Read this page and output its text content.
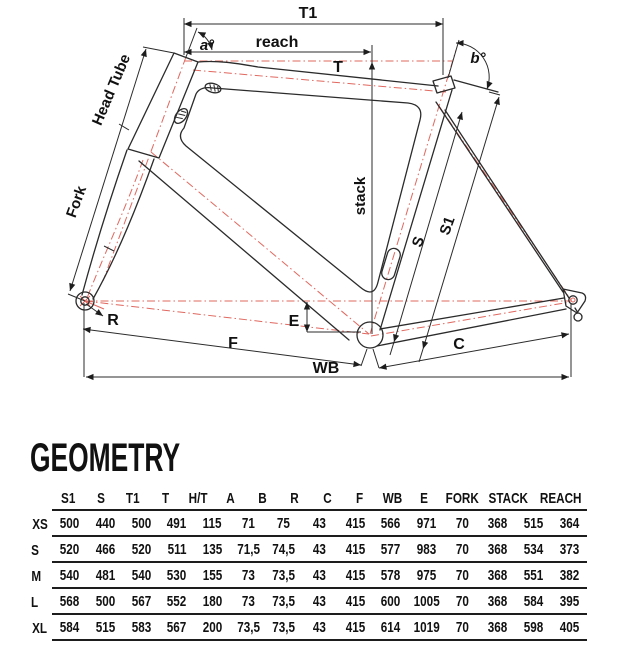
T1
reach
T
a°
b°
Head Tube
Fork	stack
S
S1
R	E
F	C
WB
GEOMETRY
S1 S T1 T H/T A B R C F WB E FORK STACK REACH
XS 500 440 500 491 115 71 75 43 415 566 971 70 368 515 364
S 520 466 520 511 135 71,5 74,5 43 415 577 983 70 368 534 373
M 540 481 540 530 155 73 73,5 43 415 578 975 70 368 551 382
L 568 500 567 552 180 73 73,5 43 415 600 1005 70 368 584 395
XL 584 515 583 567 200 73,5 73,5 43 415 614 1019 70 368 598 405
